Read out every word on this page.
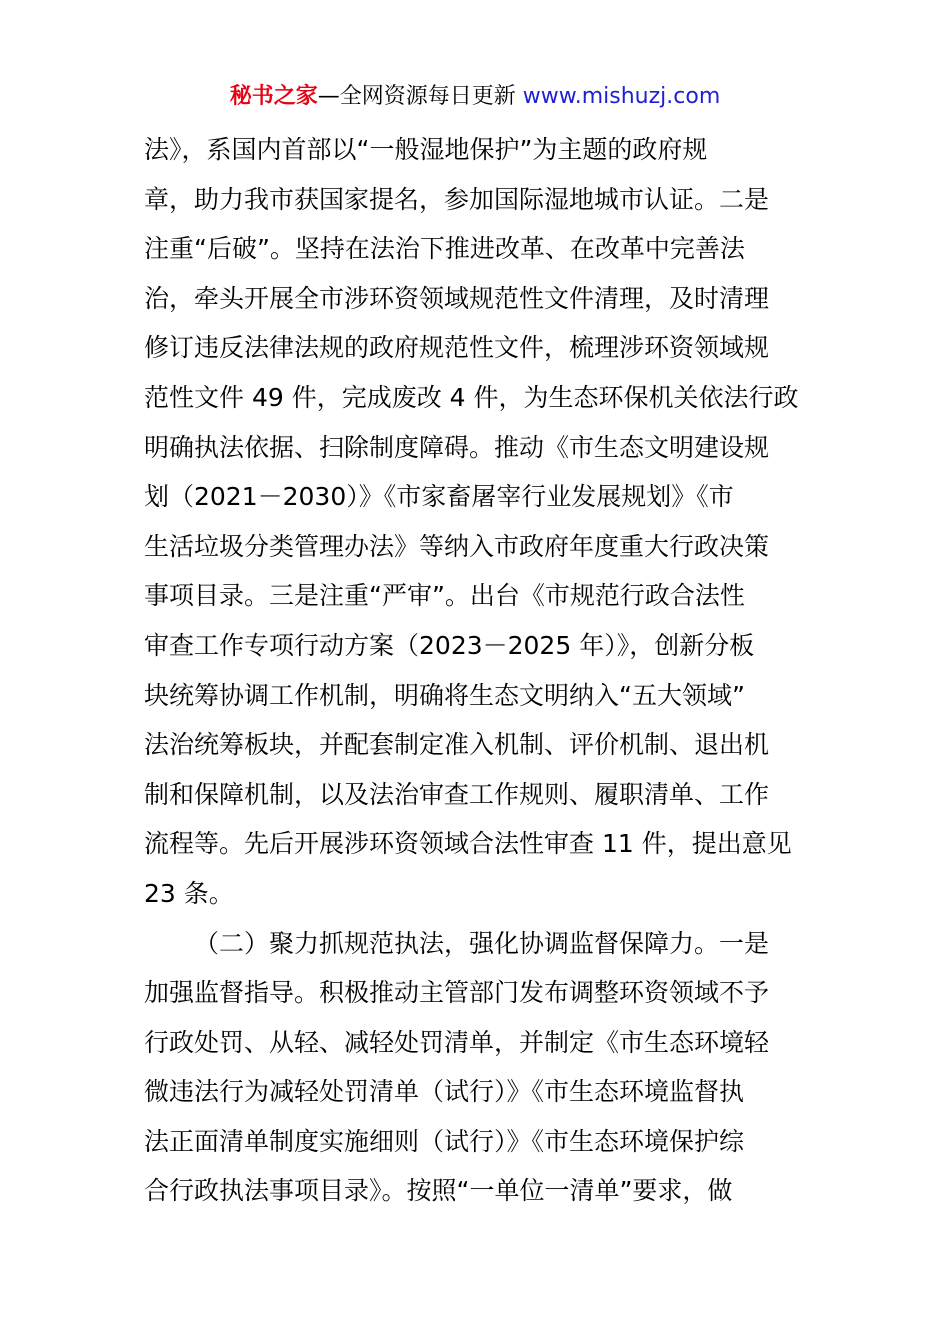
秘书之家—全网资源每日更新 www.mishuzj.com
法》，系国内首部以“一般湿地保护”为主题的政府规
章，助力我市获国家提名，参加国际湿地城市认证。二是
注重“后破”。坚持在法治下推进改革、在改革中完善法
治，牵头开展全市涉环资领域规范性文件清理，及时清理
修订违反法律法规的政府规范性文件，梳理涉环资领域规
范性文件 49 件，完成废改 4 件，为生态环保机关依法行政
明确执法依据、扫除制度障碍。推动《市生态文明建设规
划（2021－2030）》《市家畜屠宰行业发展规划》《市
生活垃圾分类管理办法》等纳入市政府年度重大行政决策
事项目录。三是注重“严审”。出台《市规范行政合法性
审查工作专项行动方案（2023－2025 年）》，创新分板
块统筹协调工作机制，明确将生态文明纳入“五大领域”
法治统筹板块，并配套制定准入机制、评价机制、退出机
制和保障机制，以及法治审查工作规则、履职清单、工作
流程等。先后开展涉环资领域合法性审查 11 件，提出意见
23 条。
（二）聚力抓规范执法，强化协调监督保障力。一是
加强监督指导。积极推动主管部门发布调整环资领域不予
行政处罚、从轻、减轻处罚清单，并制定《市生态环境轻
微违法行为减轻处罚清单（试行）》《市生态环境监督执
法正面清单制度实施细则（试行）》《市生态环境保护综
合行政执法事项目录》。按照“一单位一清单”要求，做
